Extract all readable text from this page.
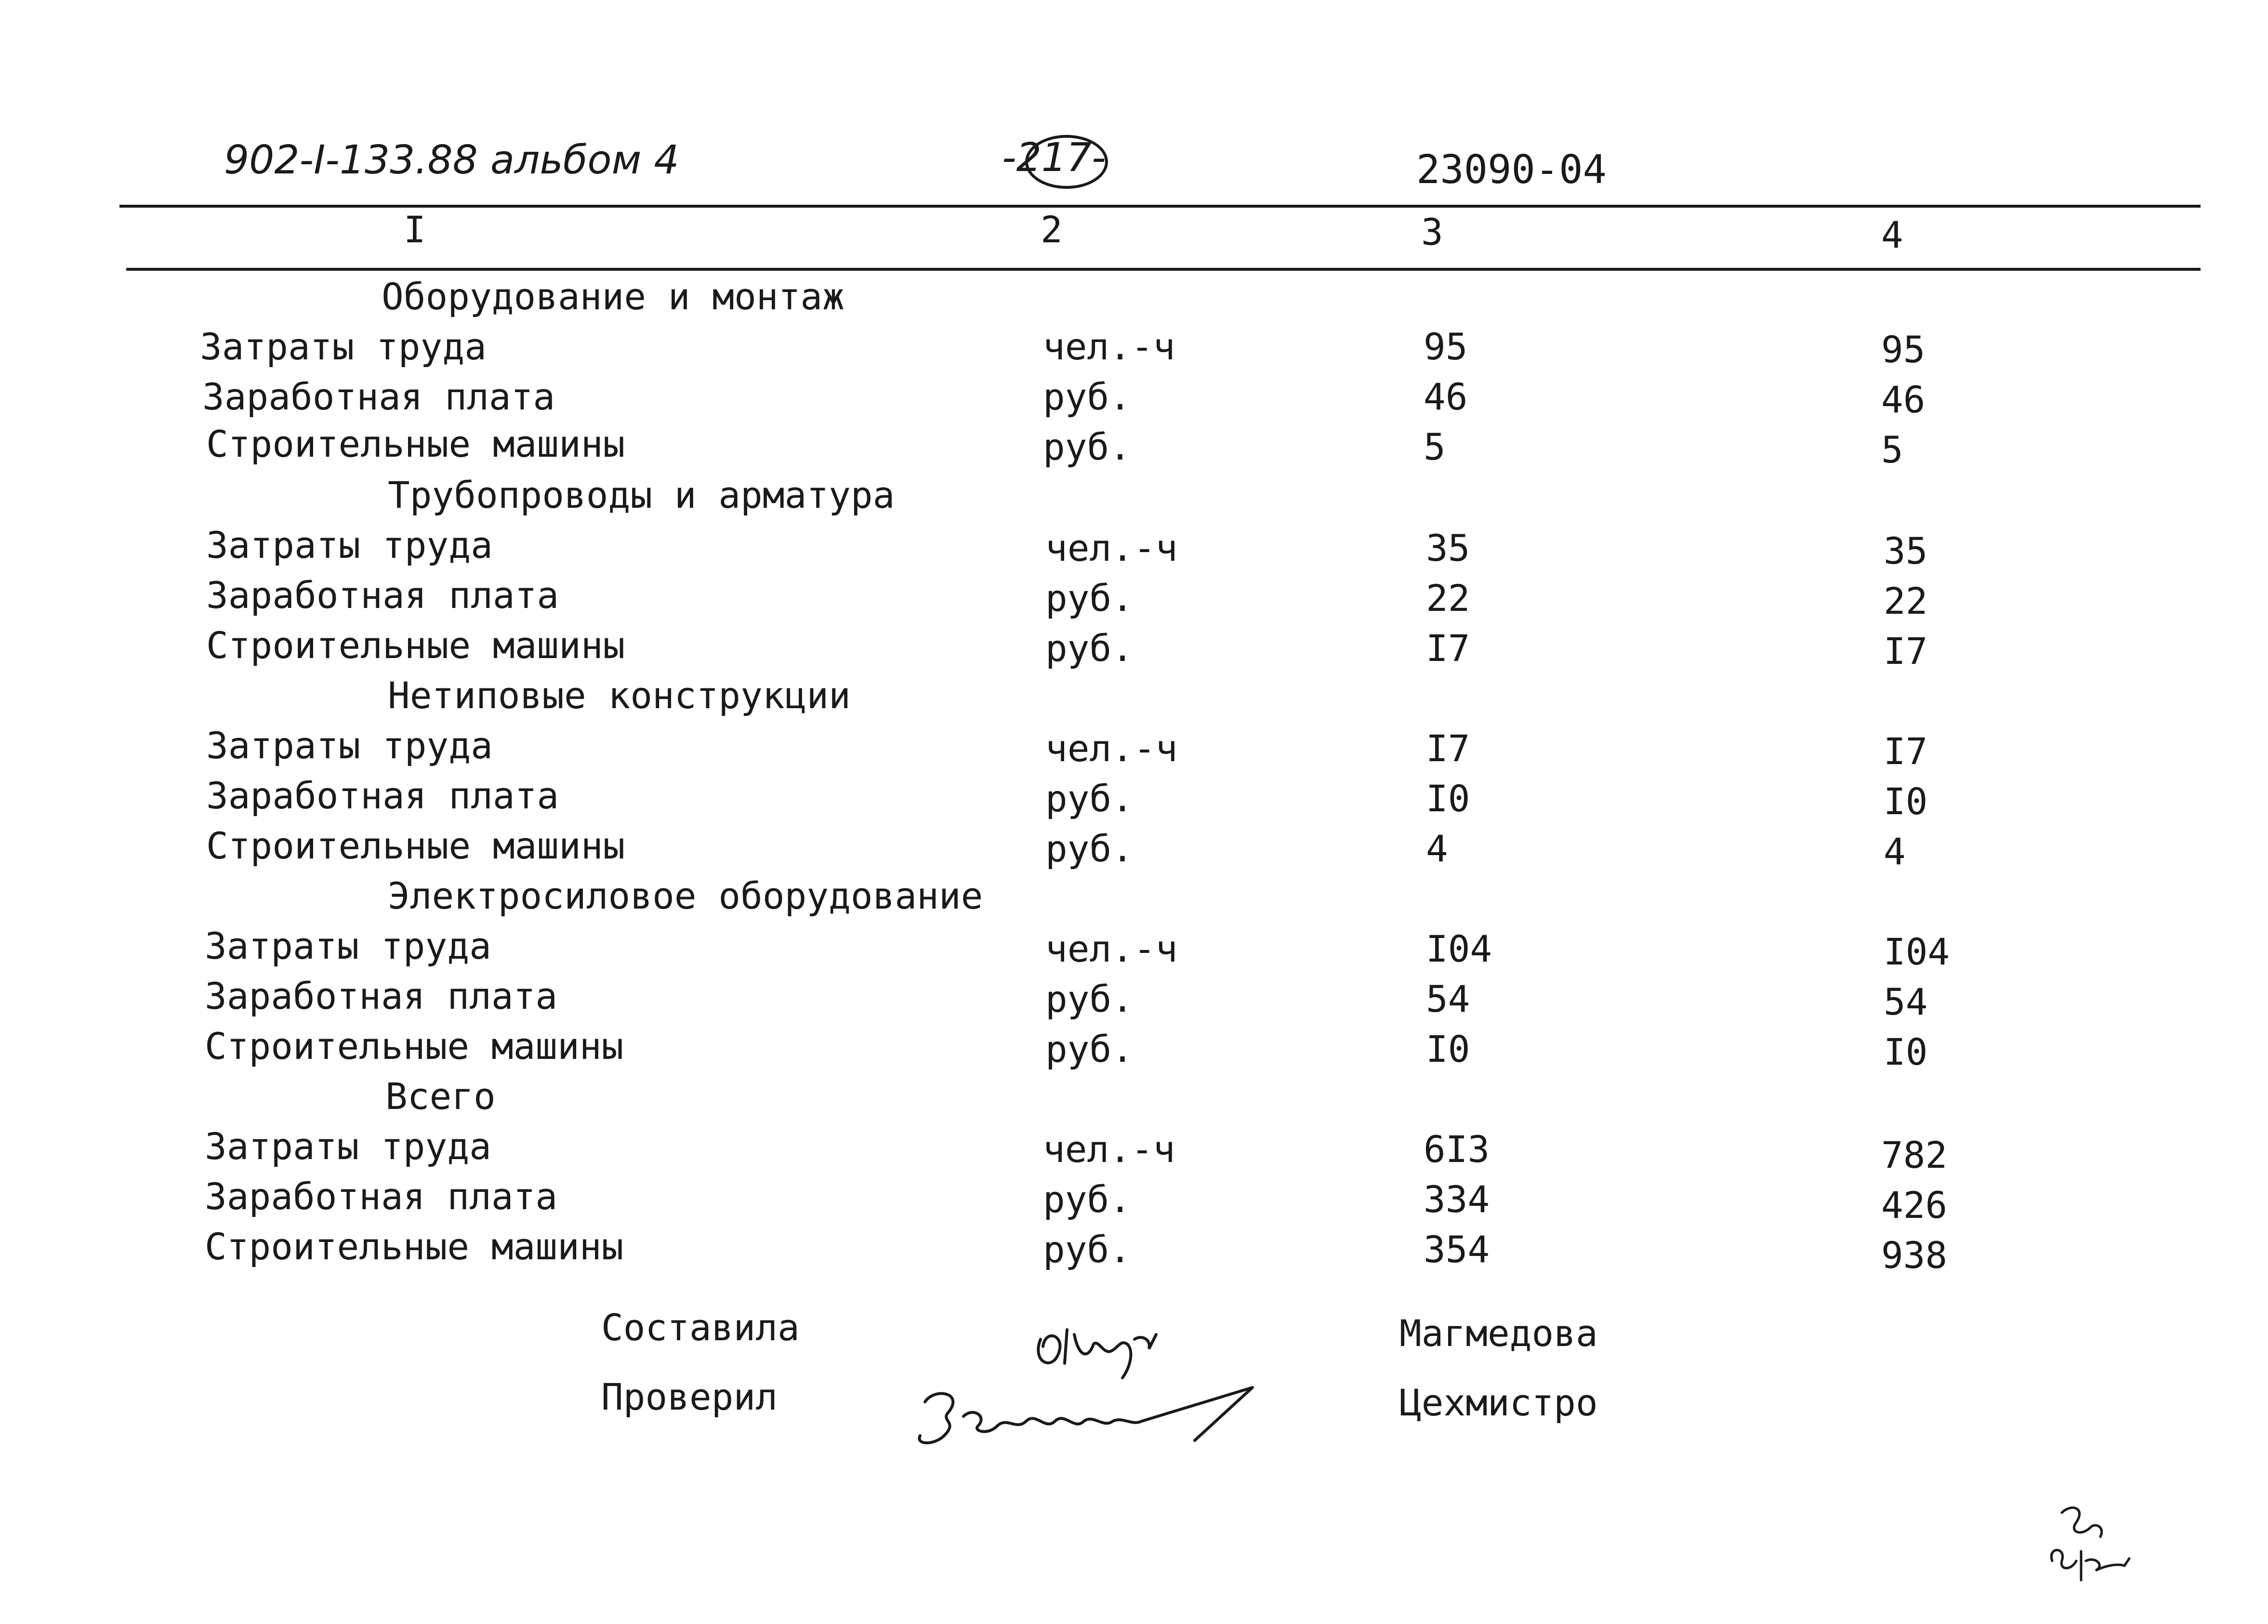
902-I-133.88 альбом 4	-217-	23090-04
I	2	3	4
Оборудование и монтаж
Затраты труда	чел.-ч	95	95
Заработная плата	руб.	46	46
Строительные машины	руб.	5	5
Трубопроводы и арматура
Затраты труда	чел.-ч	35	35
Заработная плата	руб.	22	22
Строительные машины	руб.	I7	I7
Нетиповые конструкции
Затраты труда	чел.-ч	I7	I7
Заработная плата	руб.	I0	I0
Строительные машины	руб.	4	4
Электросиловое оборудование
Затраты труда	чел.-ч	I04	I04
Заработная плата	руб.	54	54
Строительные машины	руб.	I0	I0
Всего
Затраты труда	чел.-ч	6I3	782
Заработная плата	руб.	334	426
Строительные машины	руб.	354	938
Составила	Магмедова
Проверил	Цехмистро
